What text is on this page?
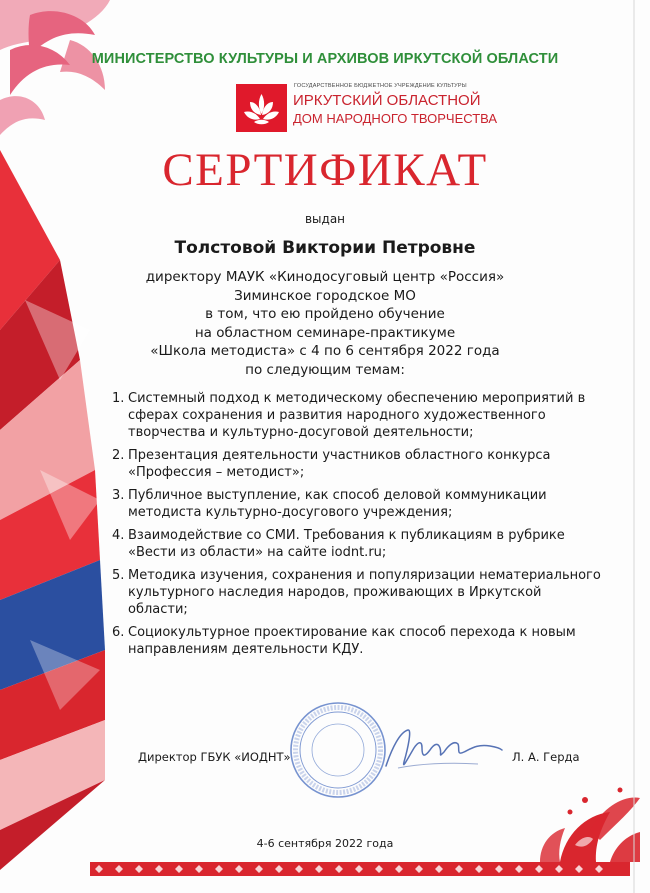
МИНИСТЕРСТВО КУЛЬТУРЫ И АРХИВОВ ИРКУТСКОЙ ОБЛАСТИ
ГОСУДАРСТВЕННОЕ БЮДЖЕТНОЕ УЧРЕЖДЕНИЕ КУЛЬТУРЫ
ИРКУТСКИЙ ОБЛАСТНОЙ
ДОМ НАРОДНОГО ТВОРЧЕСТВА
СЕРТИФИКАТ
выдан
Толстовой Виктории Петровне
директору МАУК «Кинодосуговый центр «Россия»
Зиминское городское МО
в том, что ею пройдено обучение
на областном семинаре-практикуме
«Школа методиста» с 4 по 6 сентября 2022 года
по следующим темам:
1. Системный подход к методическому обеспечению мероприятий в сферах сохранения и развития народного художественного творчества и культурно-досуговой деятельности;
2. Презентация деятельности участников областного конкурса «Профессия – методист»;
3. Публичное выступление, как способ деловой коммуникации методиста культурно-досугового учреждения;
4. Взаимодействие со СМИ. Требования к публикациям в рубрике «Вести из области» на сайте iodnt.ru;
5. Методика изучения, сохранения и популяризации нематериального культурного наследия народов, проживающих в Иркутской области;
6. Социокультурное проектирование как способ перехода к новым направлениям деятельности КДУ.
Директор ГБУК «ИОДНТ»	Л. А. Герда
4-6 сентября 2022 года
